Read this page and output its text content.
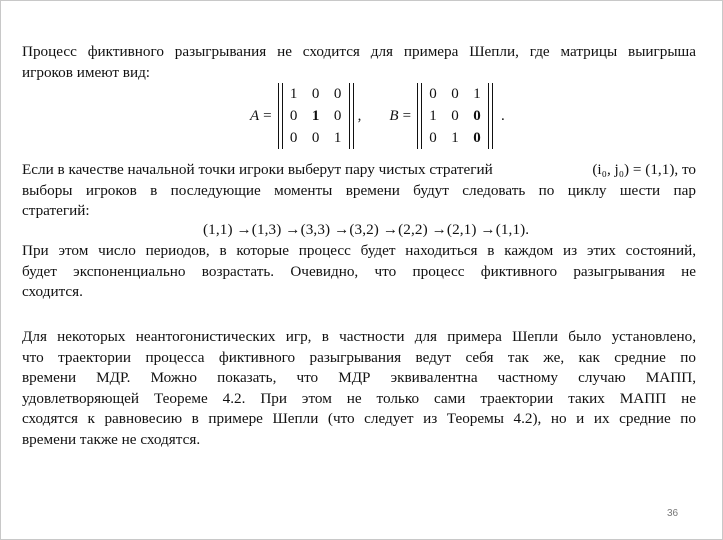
Процесс фиктивного разыгрывания не сходится для примера Шепли, где матрицы выигрыша
игроков имеют вид:
A =
1 0 0
0 1 0
0 0 1
, B =
0 0 1
1 0 0
0 1 0
.
Если в качестве начальной точки игроки выберут пару чистых стратегий	(i₀, j₀) = (1,1), то
выборы игроков в последующие моменты времени будут следовать по циклу шести пар
стратегий:
(1,1) →(1,3) →(3,3) →(3,2) →(2,2) →(2,1) →(1,1).
При этом число периодов, в которые процесс будет находиться в каждом из этих состояний,
будет экспоненциально возрастать. Очевидно, что процесс фиктивного разыгрывания не
сходится.
Для некоторых неантогонистических игр, в частности для примера Шепли было установлено,
что траектории процесса фиктивного разыгрывания ведут себя так же, как средние по
времени МДР. Можно показать, что МДР эквивалентна частному случаю МАПП,
удовлетворяющей Теореме 4.2. При этом не только сами траектории таких МАПП не
сходятся к равновесию в примере Шепли (что следует из Теоремы 4.2), но и их средние по
времени также не сходятся.
36
